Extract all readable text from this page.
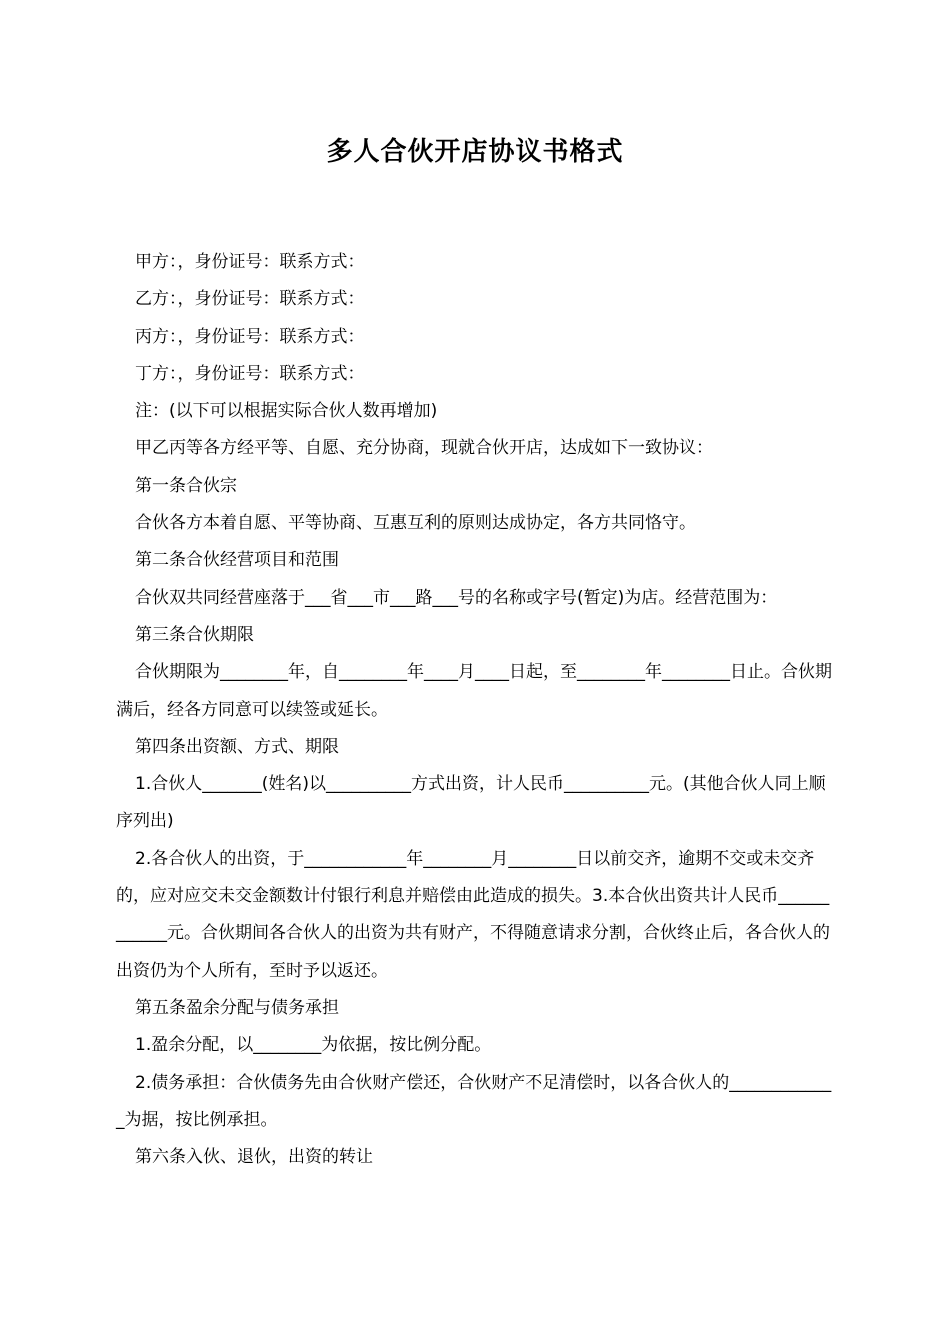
多人合伙开店协议书格式

甲方：，身份证号：联系方式：

乙方：，身份证号：联系方式：

丙方：，身份证号：联系方式：

丁方：，身份证号：联系方式：

注：(以下可以根据实际合伙人数再增加)

甲乙丙等各方经平等、自愿、充分协商，现就合伙开店，达成如下一致协议：

第一条合伙宗

合伙各方本着自愿、平等协商、互惠互利的原则达成协定，各方共同恪守。

第二条合伙经营项目和范围

合伙双共同经营座落于___省___市___路___号的名称或字号(暂定)为店。经营范围为：

第三条合伙期限

合伙期限为________年，自________年____月____日起，至________年________日止。合伙期满后，经各方同意可以续签或延长。

第四条出资额、方式、期限

1.合伙人_______(姓名)以__________方式出资，计人民币__________元。(其他合伙人同上顺序列出)

2.各合伙人的出资，于____________年________月________日以前交齐，逾期不交或未交齐的，应对应交未交金额数计付银行利息并赔偿由此造成的损失。3.本合伙出资共计人民币____________元。合伙期间各合伙人的出资为共有财产，不得随意请求分割，合伙终止后，各合伙人的出资仍为个人所有，至时予以返还。

第五条盈余分配与债务承担

1.盈余分配，以________为依据，按比例分配。

2.债务承担：合伙债务先由合伙财产偿还，合伙财产不足清偿时，以各合伙人的_____________为据，按比例承担。

第六条入伙、退伙，出资的转让
